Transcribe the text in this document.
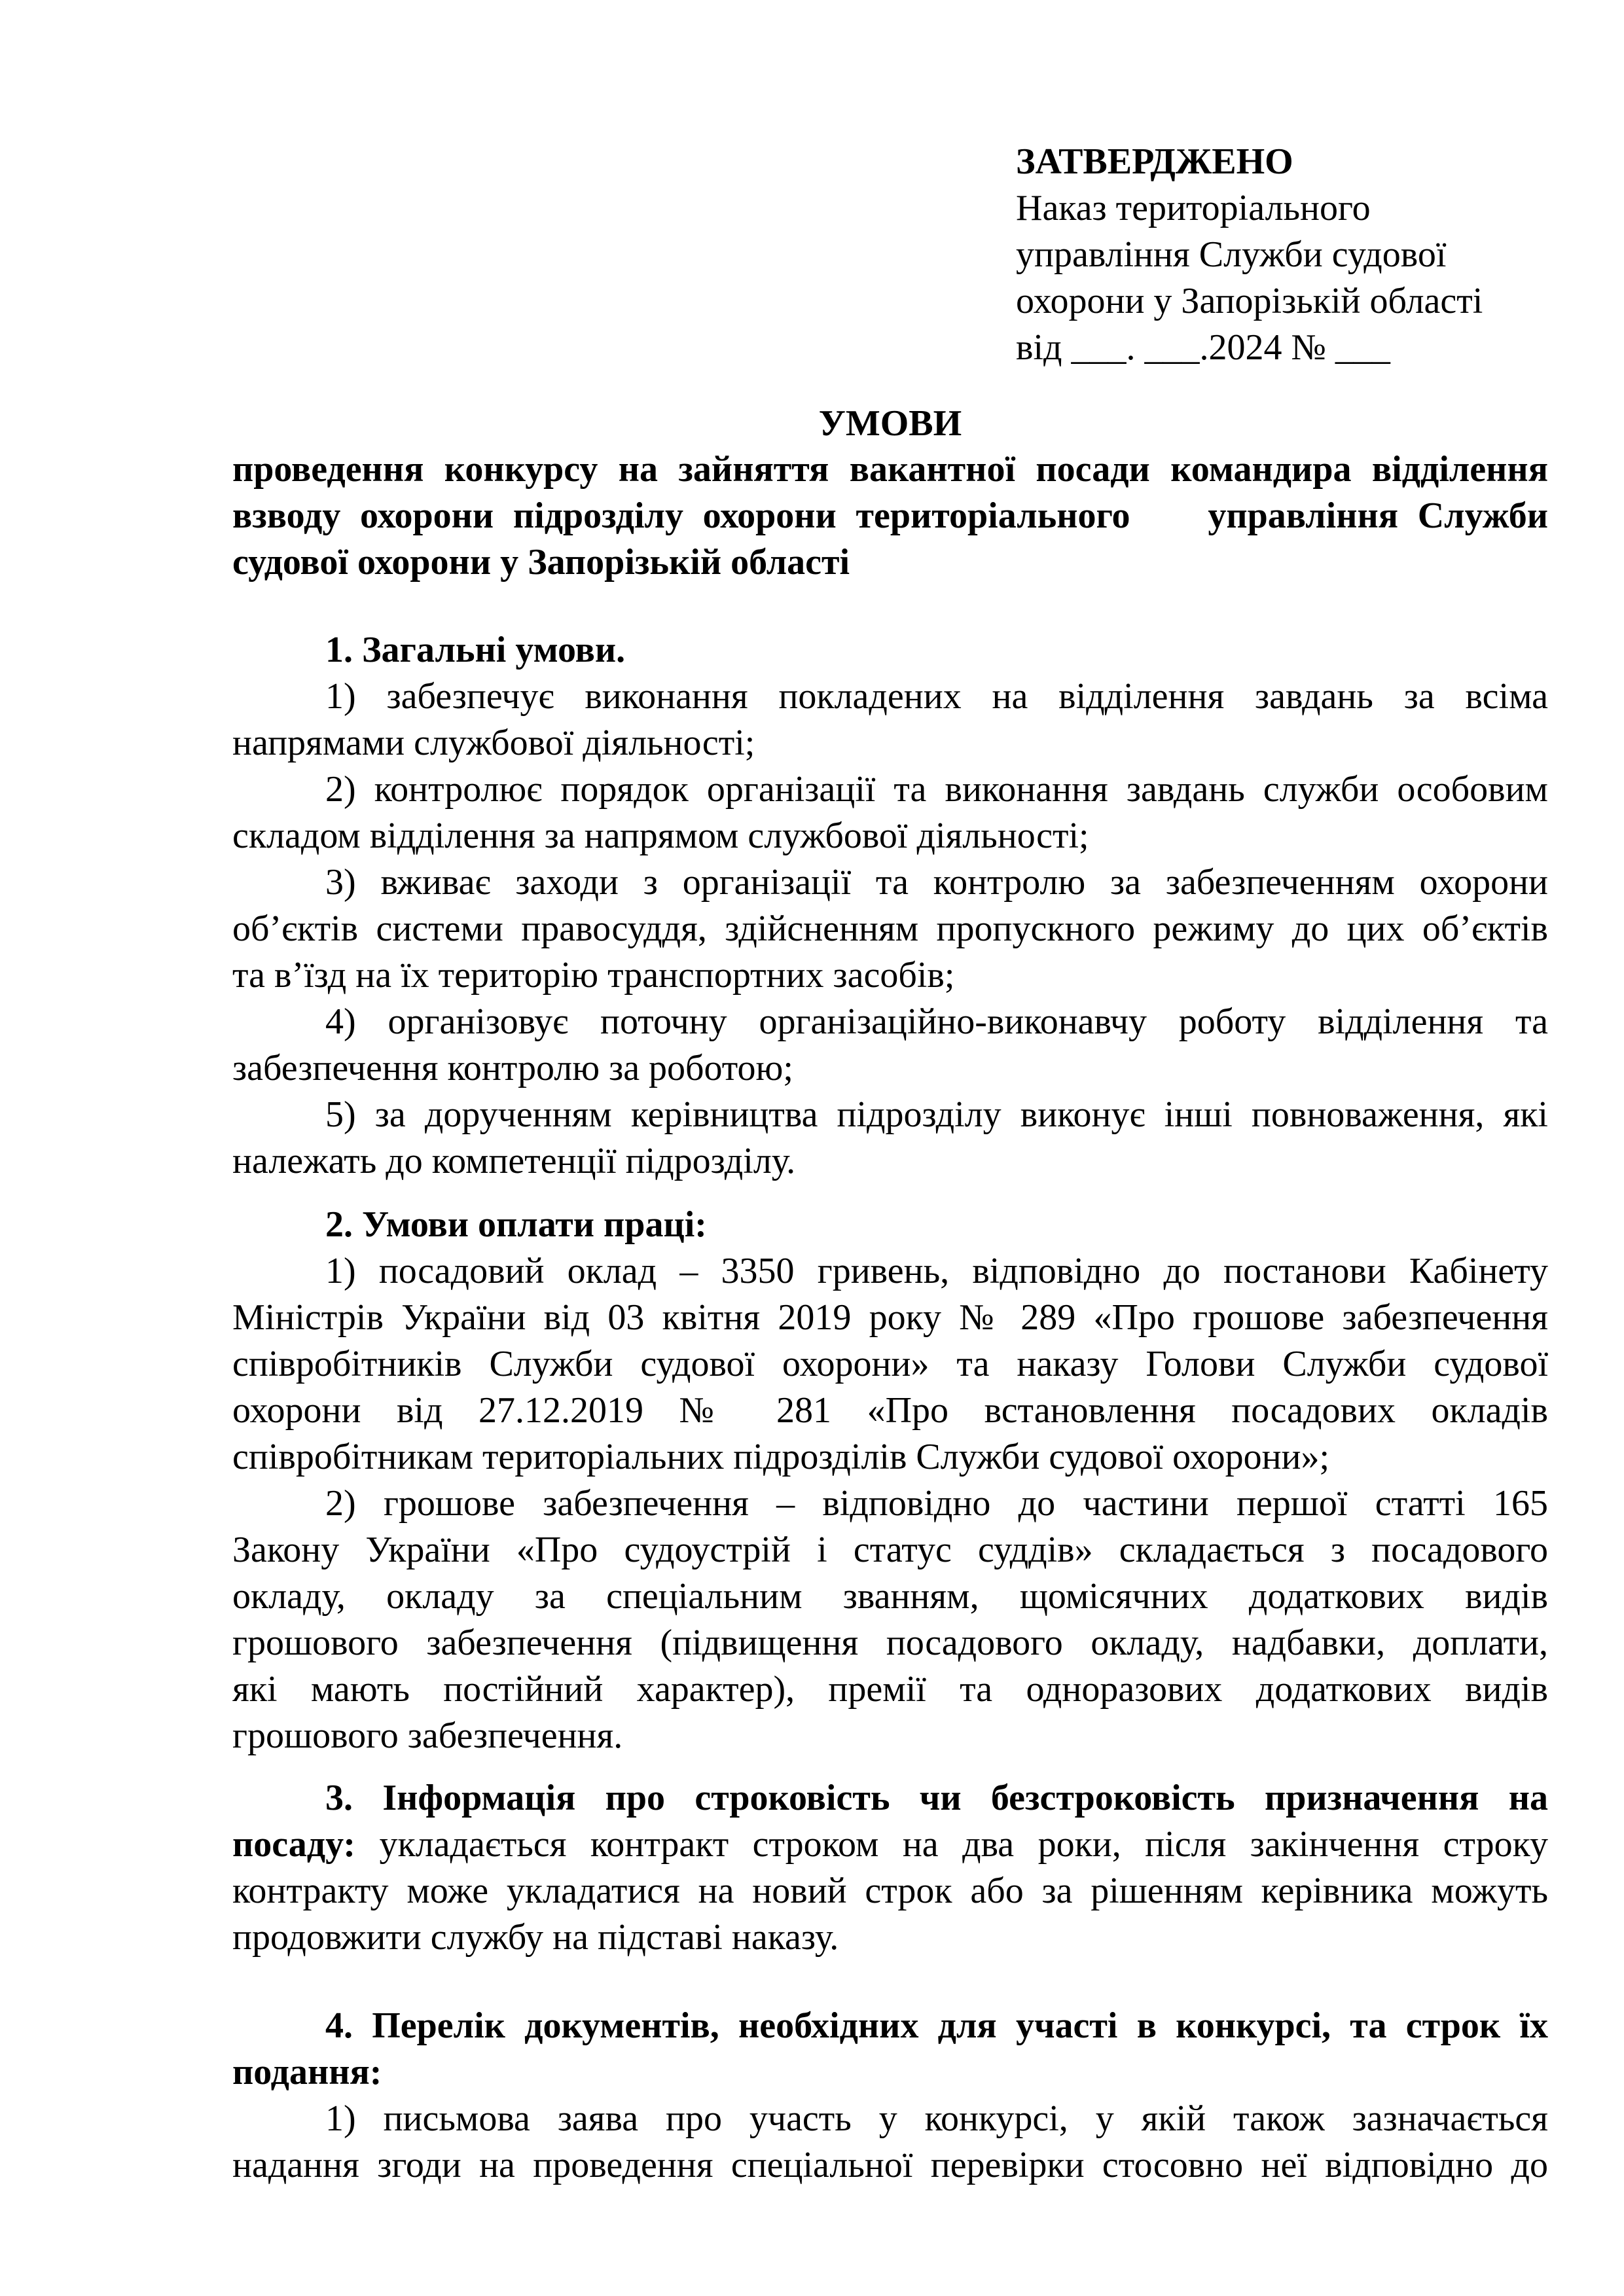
ЗАТВЕРДЖЕНО
Наказ територіального
управління Служби судової
охорони у Запорізькій області
від ___. ___.2024 № ___
УМОВИ
проведення конкурсу на зайняття вакантної посади командира відділення
взводу охорони підрозділу охорони територіального    управління Служби
судової охорони у Запорізькій області
1. Загальні умови.
1) забезпечує виконання покладених на відділення завдань за всіма
напрямами службової діяльності;
2) контролює порядок організації та виконання завдань служби особовим
складом відділення за напрямом службової діяльності;
3) вживає заходи з організації та контролю за забезпеченням охорони
об’єктів системи правосуддя, здійсненням пропускного режиму до цих об’єктів
та в’їзд на їх територію транспортних засобів;
4) організовує поточну організаційно-виконавчу роботу відділення та
забезпечення контролю за роботою;
5) за дорученням керівництва підрозділу виконує інші повноваження, які
належать до компетенції підрозділу.
2. Умови оплати праці:
1) посадовий оклад – 3350 гривень, відповідно до постанови Кабінету
Міністрів України від 03 квітня 2019 року № 289 «Про грошове забезпечення
співробітників Служби судової охорони» та наказу Голови Служби судової
охорони від 27.12.2019 № 281 «Про встановлення посадових окладів
співробітникам територіальних підрозділів Служби судової охорони»;
2) грошове забезпечення – відповідно до частини першої статті 165
Закону України «Про судоустрій і статус суддів» складається з посадового
окладу, окладу за спеціальним званням, щомісячних додаткових видів
грошового забезпечення (підвищення посадового окладу, надбавки, доплати,
які мають постійний характер), премії та одноразових додаткових видів
грошового забезпечення.
3. Інформація про строковість чи безстроковість призначення на
посаду: укладається контракт строком на два роки, після закінчення строку
контракту може укладатися на новий строк або за рішенням керівника можуть
продовжити службу на підставі наказу.
4. Перелік документів, необхідних для участі в конкурсі, та строк їх
подання:
1) письмова заява про участь у конкурсі, у якій також зазначається
надання згоди на проведення спеціальної перевірки стосовно неї відповідно до
